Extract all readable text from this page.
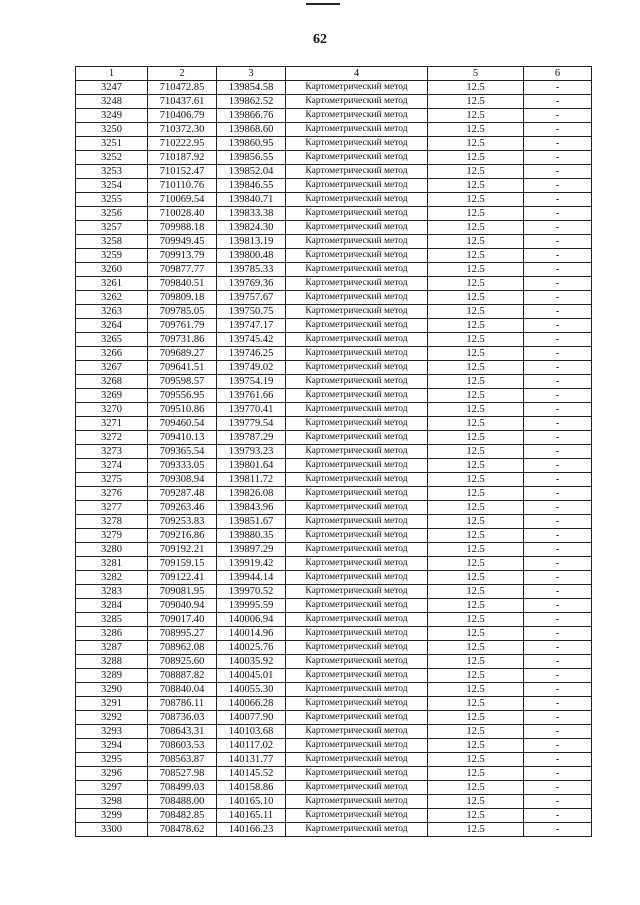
62
1	2	3	4	5	6
3247	710472.85	139854.58	Картометрический метод	12.5	-
3248	710437.61	139862.52	Картометрический метод	12.5	-
3249	710406.79	139866.76	Картометрический метод	12.5	-
3250	710372.30	139868.60	Картометрический метод	12.5	-
3251	710222.95	139860.95	Картометрический метод	12.5	-
3252	710187.92	139856.55	Картометрический метод	12.5	-
3253	710152.47	139852.04	Картометрический метод	12.5	-
3254	710110.76	139846.55	Картометрический метод	12.5	-
3255	710069.54	139840.71	Картометрический метод	12.5	-
3256	710028.40	139833.38	Картометрический метод	12.5	-
3257	709988.18	139824.30	Картометрический метод	12.5	-
3258	709949.45	139813.19	Картометрический метод	12.5	-
3259	709913.79	139800.48	Картометрический метод	12.5	-
3260	709877.77	139785.33	Картометрический метод	12.5	-
3261	709840.51	139769.36	Картометрический метод	12.5	-
3262	709809.18	139757.67	Картометрический метод	12.5	-
3263	709785.05	139750.75	Картометрический метод	12.5	-
3264	709761.79	139747.17	Картометрический метод	12.5	-
3265	709731.86	139745.42	Картометрический метод	12.5	-
3266	709689.27	139746.25	Картометрический метод	12.5	-
3267	709641.51	139749.02	Картометрический метод	12.5	-
3268	709598.57	139754.19	Картометрический метод	12.5	-
3269	709556.95	139761.66	Картометрический метод	12.5	-
3270	709510.86	139770.41	Картометрический метод	12.5	-
3271	709460.54	139779.54	Картометрический метод	12.5	-
3272	709410.13	139787.29	Картометрический метод	12.5	-
3273	709365.54	139793.23	Картометрический метод	12.5	-
3274	709333.05	139801.64	Картометрический метод	12.5	-
3275	709308.94	139811.72	Картометрический метод	12.5	-
3276	709287.48	139826.08	Картометрический метод	12.5	-
3277	709263.46	139843.96	Картометрический метод	12.5	-
3278	709253.83	139851.67	Картометрический метод	12.5	-
3279	709216.86	139880.35	Картометрический метод	12.5	-
3280	709192.21	139897.29	Картометрический метод	12.5	-
3281	709159.15	139919.42	Картометрический метод	12.5	-
3282	709122.41	139944.14	Картометрический метод	12.5	-
3283	709081.95	139970.52	Картометрический метод	12.5	-
3284	709040.94	139995.59	Картометрический метод	12.5	-
3285	709017.40	140006.94	Картометрический метод	12.5	-
3286	708995.27	140014.96	Картометрический метод	12.5	-
3287	708962.08	140025.76	Картометрический метод	12.5	-
3288	708925.60	140035.92	Картометрический метод	12.5	-
3289	708887.82	140045.01	Картометрический метод	12.5	-
3290	708840.04	140055.30	Картометрический метод	12.5	-
3291	708786.11	140066.28	Картометрический метод	12.5	-
3292	708736.03	140077.90	Картометрический метод	12.5	-
3293	708643.31	140103.68	Картометрический метод	12.5	-
3294	708603.53	140117.02	Картометрический метод	12.5	-
3295	708563.87	140131.77	Картометрический метод	12.5	-
3296	708527.98	140145.52	Картометрический метод	12.5	-
3297	708499.03	140158.86	Картометрический метод	12.5	-
3298	708488.00	140165.10	Картометрический метод	12.5	-
3299	708482.85	140165.11	Картометрический метод	12.5	-
3300	708478.62	140166.23	Картометрический метод	12.5	-
